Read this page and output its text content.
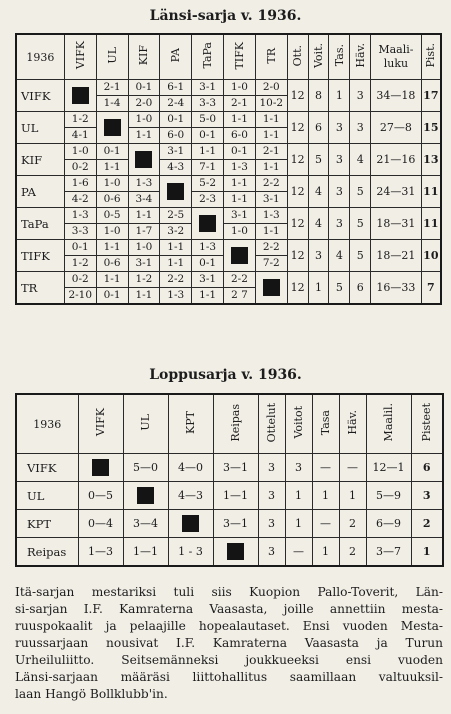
Länsi-sarja v. 1936.
1936	VIFK	UL	KIF	PA	TaPa	TIFK	TR	Ott.	Voit.	Tas.	Häv.	Maali-
luku	Pist.
VIFK		2-1	0-1	6-1	3-1	1-0	2-0	12	8	1	3	34—18	17
		1-4	2-0	2-4	3-3	2-1	10-2						
UL	1-2		1-0	0-1	5-0	1-1	1-1	12	6	3	3	27—8	15
	4-1		1-1	6-0	0-1	6-0	1-1						
KIF	1-0	0-1		3-1	1-1	0-1	2-1	12	5	3	4	21—16	13
	0-2	1-1		4-3	7-1	1-3	1-1						
PA	1-6	1-0	1-3		5-2	1-1	2-2	12	4	3	5	24—31	11
	4-2	0-6	3-4		2-3	1-1	3-1						
TaPa	1-3	0-5	1-1	2-5		3-1	1-3	12	4	3	5	18—31	11
	3-3	1-0	1-7	3-2		1-0	1-1						
TIFK	0-1	1-1	1-0	1-1	1-3		2-2	12	3	4	5	18—21	10
	1-2	0-6	3-1	1-1	0-1		7-2						
TR	0-2	1-1	1-2	2-2	3-1	2-2		12	1	5	6	16—33	7
	2-10	0-1	1-1	1-3	1-1	2 7							
Loppusarja v. 1936.
1936	VIFK	UL	KPT	Reipas	Ottelut	Voitot	Tasa	Häv.	Maalil.	Pisteet
VIFK		5—0	4—0	3—1	3	3	—	—	12—1	6
UL	0—5		4—3	1—1	3	1	1	1	5—9	3
KPT	0—4	3—4		3—1	3	1	—	2	6—9	2
Reipas	1—3	1—1	1 - 3		3	—	1	2	3—7	1
Itä-sarjan mestariksi tuli siis Kuopion Pallo-Toverit, Län-
si-sarjan I.F. Kamraterna Vaasasta, joille annettiin mesta-
ruuspokaalit ja pelaajille hopealautaset. Ensi vuoden Mesta-
ruussarjaan nousivat I.F. Kamraterna Vaasasta ja Turun
Urheiluliitto. Seitsemänneksi joukkueeksi ensi vuoden
Länsi-sarjaan määräsi liittohallitus saamillaan valtuuksil-
laan Hangö Bollklubb'in.
